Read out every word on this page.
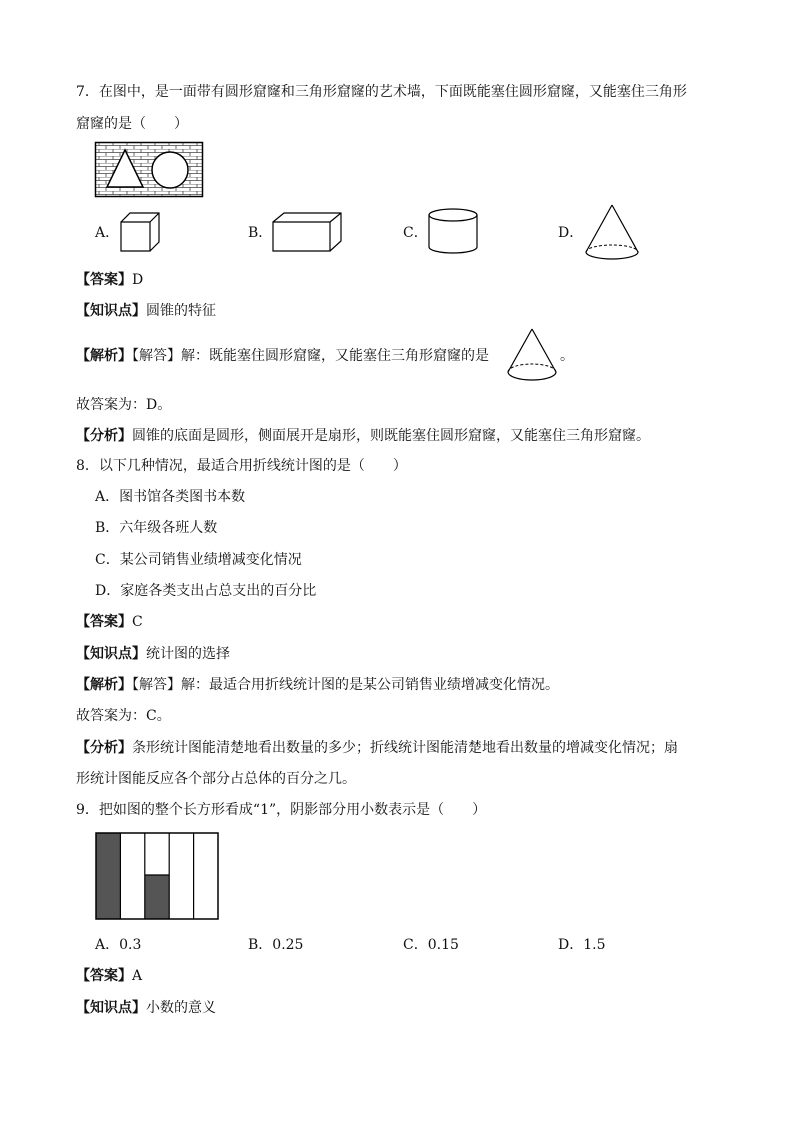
7．在图中，是一面带有圆形窟窿和三角形窟窿的艺术墙，下面既能塞住圆形窟窿，又能塞住三角形
窟窿的是（　　）
A．	B．	C．	D．
【答案】D
【知识点】圆锥的特征
【解析】【解答】解：既能塞住圆形窟窿，又能塞住三角形窟窿的是	。
故答案为：D。
【分析】圆锥的底面是圆形，侧面展开是扇形，则既能塞住圆形窟窿，又能塞住三角形窟窿。
8．以下几种情况，最适合用折线统计图的是（　　）
A．图书馆各类图书本数
B．六年级各班人数
C．某公司销售业绩增减变化情况
D．家庭各类支出占总支出的百分比
【答案】C
【知识点】统计图的选择
【解析】【解答】解：最适合用折线统计图的是某公司销售业绩增减变化情况。
故答案为：C。
【分析】条形统计图能清楚地看出数量的多少；折线统计图能清楚地看出数量的增减变化情况；扇
形统计图能反应各个部分占总体的百分之几。
9．把如图的整个长方形看成“1”，阴影部分用小数表示是（　　）
A．0.3	B．0.25	C．0.15	D．1.5
【答案】A
【知识点】小数的意义
